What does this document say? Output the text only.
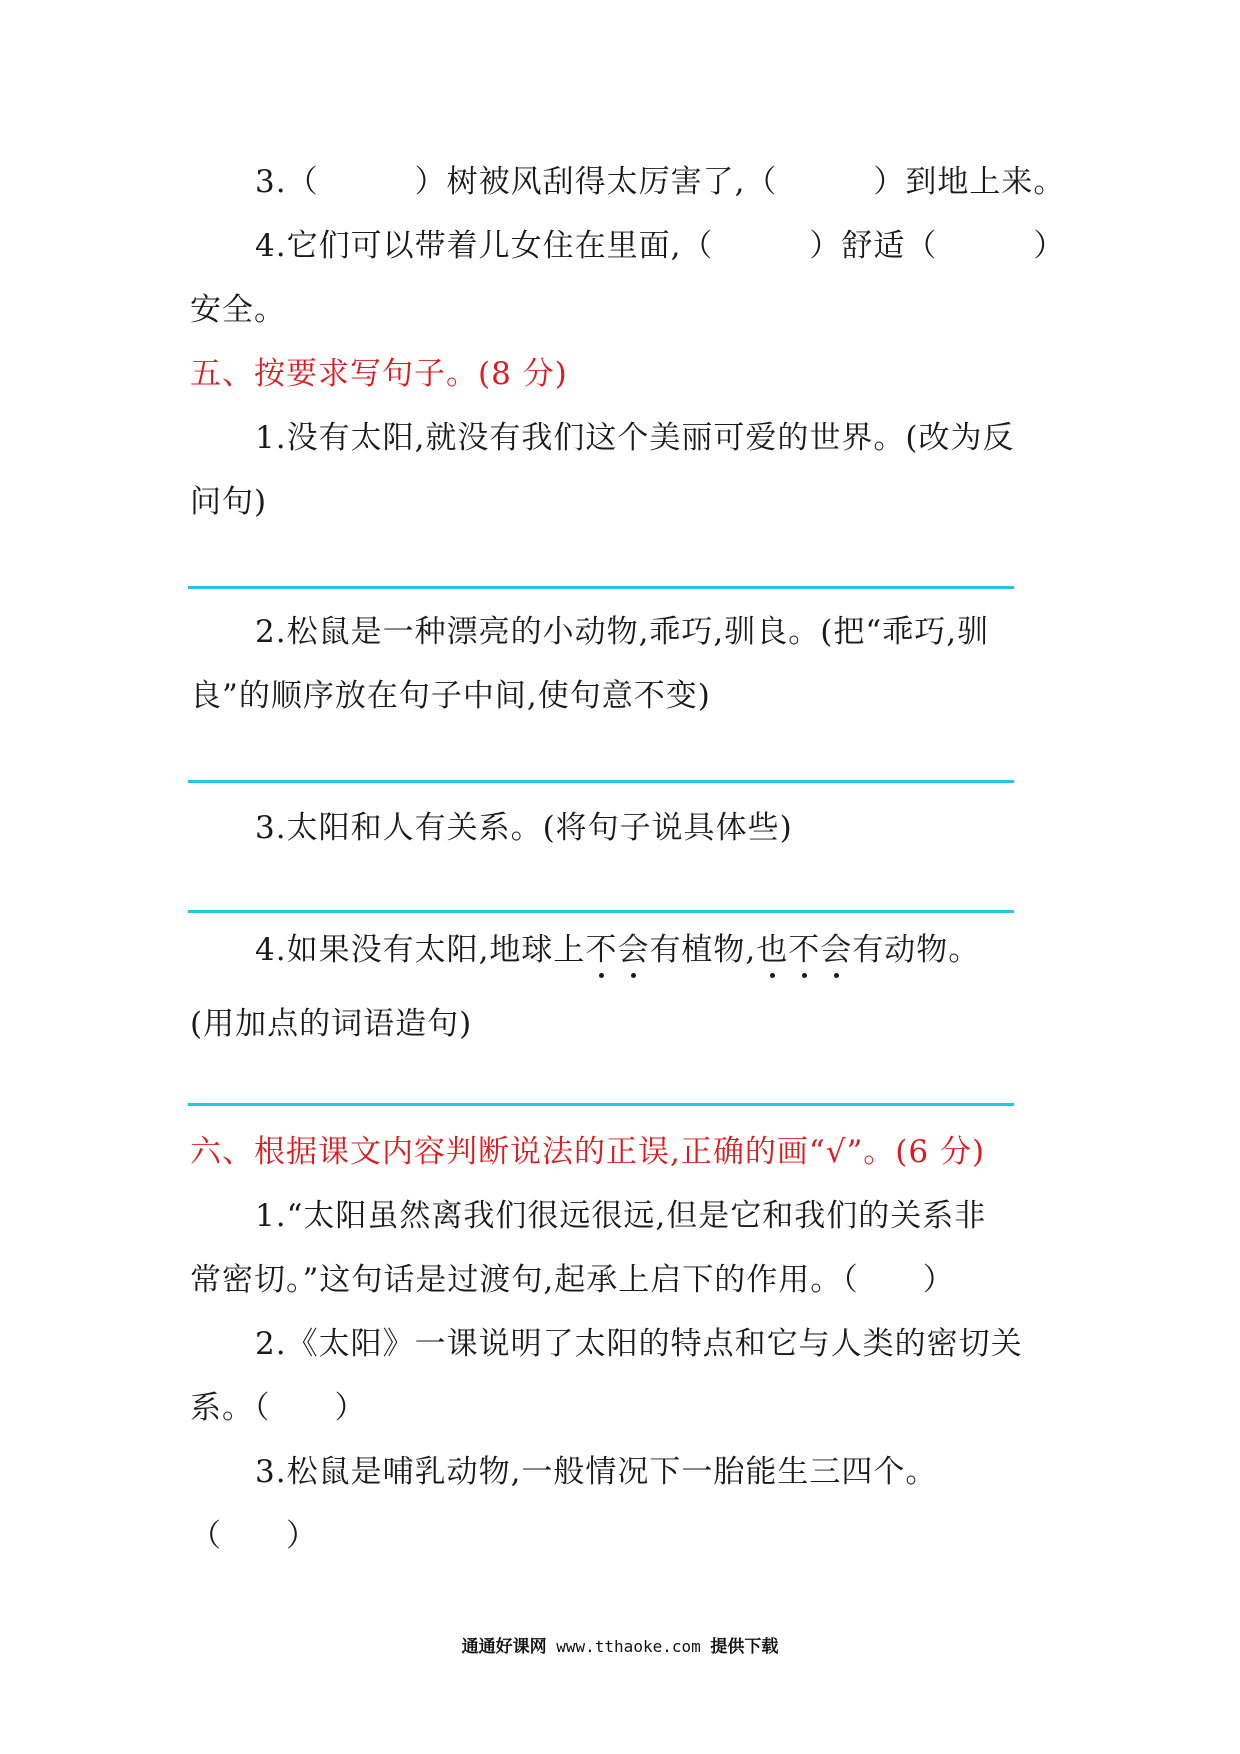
3.（　　　）树被风刮得太厉害了,（　　　）到地上来。
4.它们可以带着儿女住在里面,（　　　）舒适（　　　）
安全。
五、按要求写句子。(8 分)
1.没有太阳,就没有我们这个美丽可爱的世界。(改为反
问句)
2.松鼠是一种漂亮的小动物,乖巧,驯良。(把“乖巧,驯
良”的顺序放在句子中间,使句意不变)
3.太阳和人有关系。(将句子说具体些)
4.如果没有太阳,地球上不会有植物,也不会有动物。
(用加点的词语造句)
六、根据课文内容判断说法的正误,正确的画“√”。(6 分)
1.“太阳虽然离我们很远很远,但是它和我们的关系非
常密切。”这句话是过渡句,起承上启下的作用。（　　）
2.《太阳》一课说明了太阳的特点和它与人类的密切关
系。（　　）
3.松鼠是哺乳动物,一般情况下一胎能生三四个。
（　　）
通通好课网 www.tthaoke.com 提供下载
